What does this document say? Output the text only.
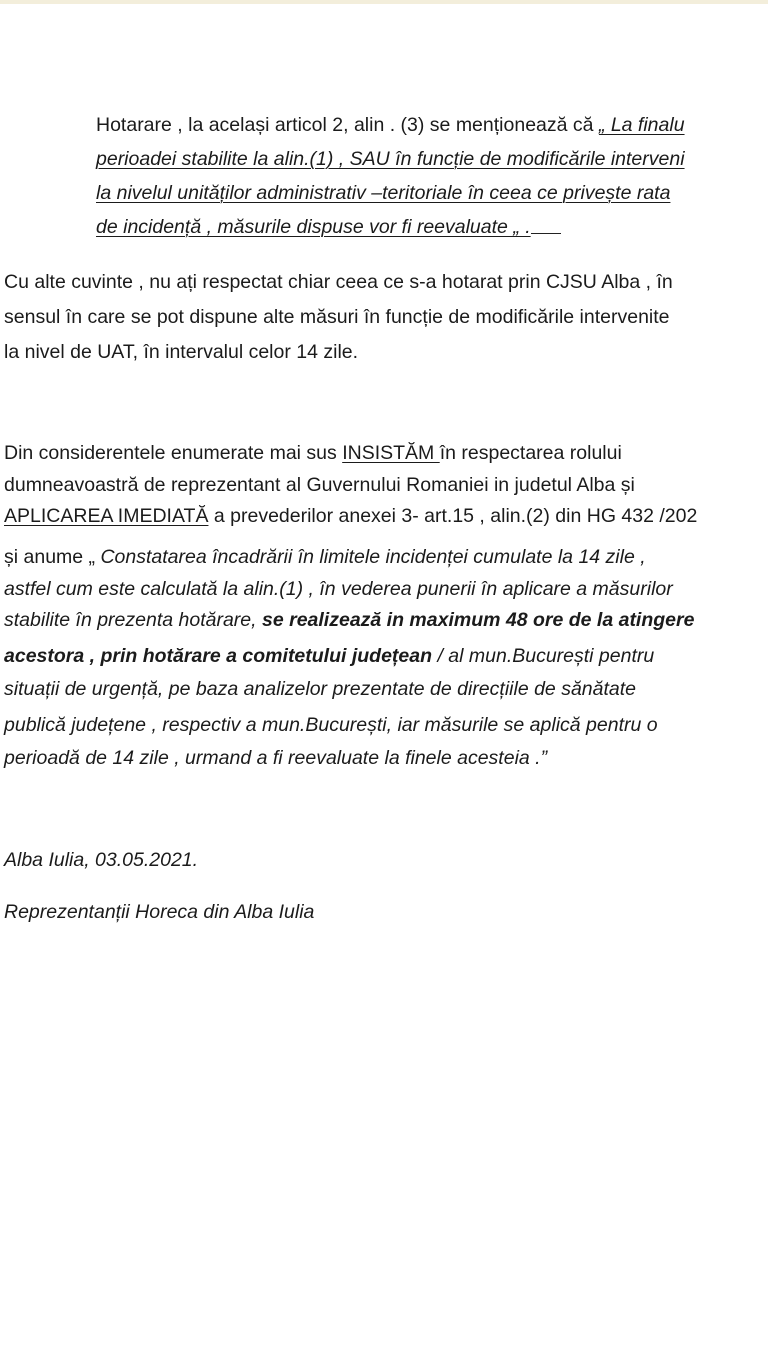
Hotarare , la același articol 2, alin . (3) se menționează că „ La finalu
perioadei stabilite la alin.(1) , SAU în funcție de modificările interveni
la nivelul unităților administrativ –teritoriale în ceea ce privește rata
de incidență , măsurile dispuse vor fi reevaluate „ .
Cu alte cuvinte , nu ați respectat chiar ceea ce s-a hotarat prin CJSU Alba , în
sensul în care se pot dispune alte măsuri în funcție de modificările intervenite
la nivel de UAT, în intervalul celor 14 zile.
Din considerentele enumerate mai sus INSISTĂM în respectarea rolului
dumneavoastră de reprezentant al Guvernului Romaniei in judetul Alba și
APLICAREA IMEDIATĂ a prevederilor anexei 3- art.15 , alin.(2) din HG 432 /202
și anume „ Constatarea încadrării în limitele incidenței cumulate la 14 zile ,
astfel cum este calculată la alin.(1) , în vederea punerii în aplicare a măsurilor
stabilite în prezenta hotărare, se realizează in maximum 48 ore de la atingere
acestora , prin hotărare a comitetului județean / al mun.București pentru
situații de urgență, pe baza analizelor prezentate de direcțiile de sănătate
publică județene , respectiv a mun.București, iar măsurile se aplică pentru o
perioadă de 14 zile , urmand a fi reevaluate la finele acesteia .”
Alba Iulia, 03.05.2021.
Reprezentanții Horeca din Alba Iulia
